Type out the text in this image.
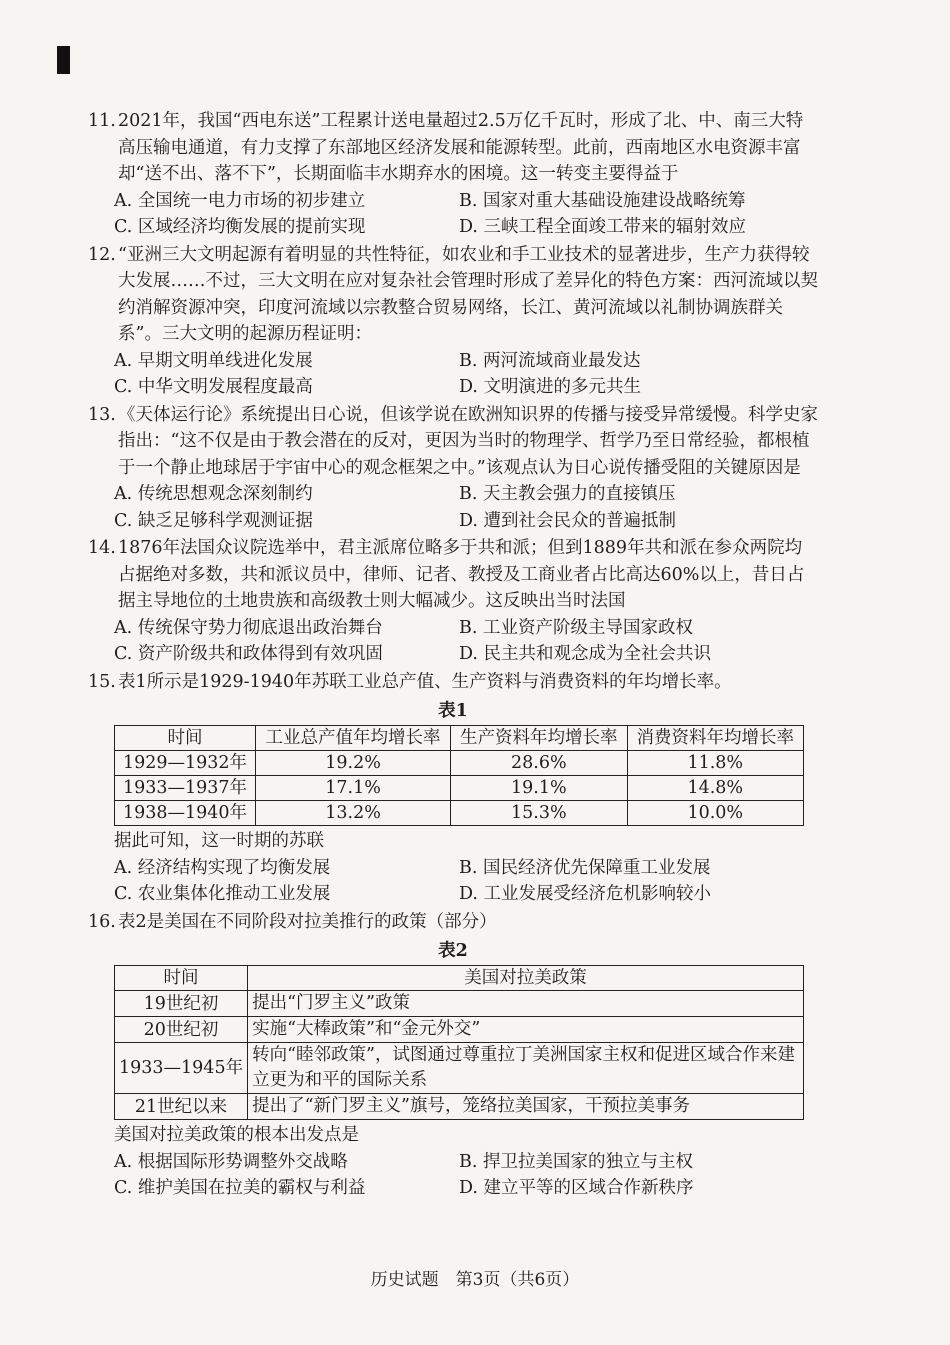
11. 2021年，我国“西电东送”工程累计送电量超过2.5万亿千瓦时，形成了北、中、南三大特高压输电通道，有力支撑了东部地区经济发展和能源转型。此前，西南地区水电资源丰富却“送不出、落不下”，长期面临丰水期弃水的困境。这一转变主要得益于
A. 全国统一电力市场的初步建立	B. 国家对重大基础设施建设战略统筹
C. 区域经济均衡发展的提前实现	D. 三峡工程全面竣工带来的辐射效应
12. “亚洲三大文明起源有着明显的共性特征，如农业和手工业技术的显著进步，生产力获得较大发展……不过，三大文明在应对复杂社会管理时形成了差异化的特色方案：西河流域以契约消解资源冲突，印度河流域以宗教整合贸易网络，长江、黄河流域以礼制协调族群关系”。三大文明的起源历程证明：
A. 早期文明单线进化发展	B. 两河流域商业最发达
C. 中华文明发展程度最高	D. 文明演进的多元共生
13. 《天体运行论》系统提出日心说，但该学说在欧洲知识界的传播与接受异常缓慢。科学史家指出：“这不仅是由于教会潜在的反对，更因为当时的物理学、哲学乃至日常经验，都根植于一个静止地球居于宇宙中心的观念框架之中。”该观点认为日心说传播受阻的关键原因是
A. 传统思想观念深刻制约	B. 天主教会强力的直接镇压
C. 缺乏足够科学观测证据	D. 遭到社会民众的普遍抵制
14. 1876年法国众议院选举中，君主派席位略多于共和派；但到1889年共和派在参众两院均占据绝对多数，共和派议员中，律师、记者、教授及工商业者占比高达60%以上，昔日占据主导地位的土地贵族和高级教士则大幅减少。这反映出当时法国
A. 传统保守势力彻底退出政治舞台	B. 工业资产阶级主导国家政权
C. 资产阶级共和政体得到有效巩固	D. 民主共和观念成为全社会共识
15. 表1所示是1929-1940年苏联工业总产值、生产资料与消费资料的年均增长率。
表1
时间	工业总产值年均增长率	生产资料年均增长率	消费资料年均增长率
1929—1932年	19.2%	28.6%	11.8%
1933—1937年	17.1%	19.1%	14.8%
1938—1940年	13.2%	15.3%	10.0%
据此可知，这一时期的苏联
A. 经济结构实现了均衡发展	B. 国民经济优先保障重工业发展
C. 农业集体化推动工业发展	D. 工业发展受经济危机影响较小
16. 表2是美国在不同阶段对拉美推行的政策（部分）
表2
时间	美国对拉美政策
19世纪初	提出“门罗主义”政策
20世纪初	实施“大棒政策”和“金元外交”
1933—1945年	转向“睦邻政策”，试图通过尊重拉丁美洲国家主权和促进区域合作来建立更为和平的国际关系
21世纪以来	提出了“新门罗主义”旗号，笼络拉美国家，干预拉美事务
美国对拉美政策的根本出发点是
A. 根据国际形势调整外交战略	B. 捍卫拉美国家的独立与主权
C. 维护美国在拉美的霸权与利益	D. 建立平等的区域合作新秩序
历史试题　第3页（共6页）
